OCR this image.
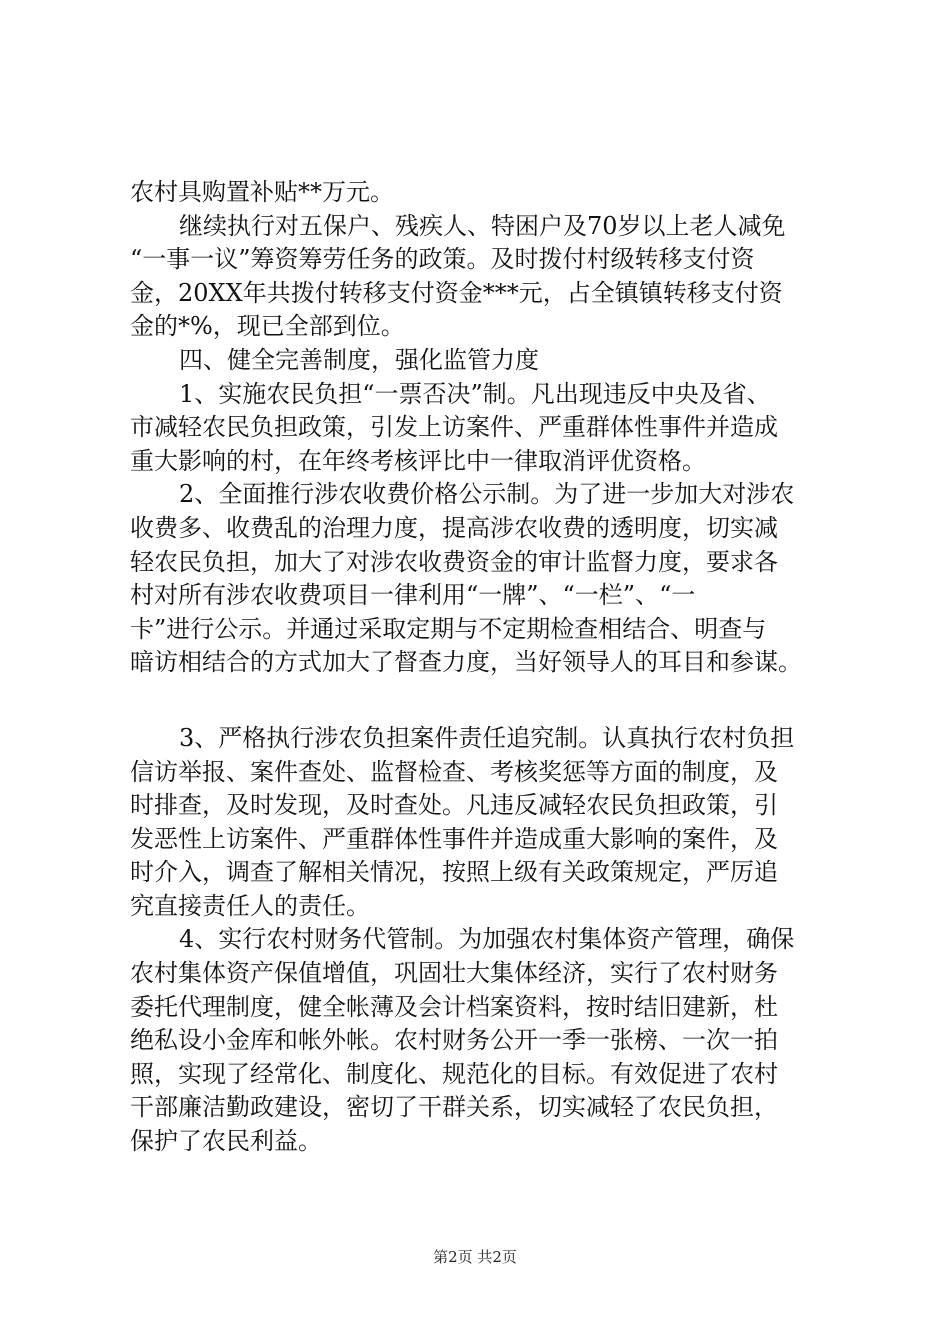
农村具购置补贴**万元。
继续执行对五保户、残疾人、特困户及70岁以上老人减免
“一事一议”筹资筹劳任务的政策。及时拨付村级转移支付资
金，20XX年共拨付转移支付资金***元，占全镇镇转移支付资
金的*%，现已全部到位。
四、健全完善制度，强化监管力度
1、实施农民负担“一票否决”制。凡出现违反中央及省、
市减轻农民负担政策，引发上访案件、严重群体性事件并造成
重大影响的村，在年终考核评比中一律取消评优资格。
2、全面推行涉农收费价格公示制。为了进一步加大对涉农
收费多、收费乱的治理力度，提高涉农收费的透明度，切实减
轻农民负担，加大了对涉农收费资金的审计监督力度，要求各
村对所有涉农收费项目一律利用“一牌”、“一栏”、“一
卡”进行公示。并通过采取定期与不定期检查相结合、明查与
暗访相结合的方式加大了督查力度，当好领导人的耳目和参谋。
3、严格执行涉农负担案件责任追究制。认真执行农村负担
信访举报、案件查处、监督检查、考核奖惩等方面的制度，及
时排查，及时发现，及时查处。凡违反减轻农民负担政策，引
发恶性上访案件、严重群体性事件并造成重大影响的案件，及
时介入，调查了解相关情况，按照上级有关政策规定，严厉追
究直接责任人的责任。
4、实行农村财务代管制。为加强农村集体资产管理，确保
农村集体资产保值增值，巩固壮大集体经济，实行了农村财务
委托代理制度，健全帐薄及会计档案资料，按时结旧建新，杜
绝私设小金库和帐外帐。农村财务公开一季一张榜、一次一拍
照，实现了经常化、制度化、规范化的目标。有效促进了农村
干部廉洁勤政建设，密切了干群关系，切实减轻了农民负担，
保护了农民利益。
第2页 共2页
